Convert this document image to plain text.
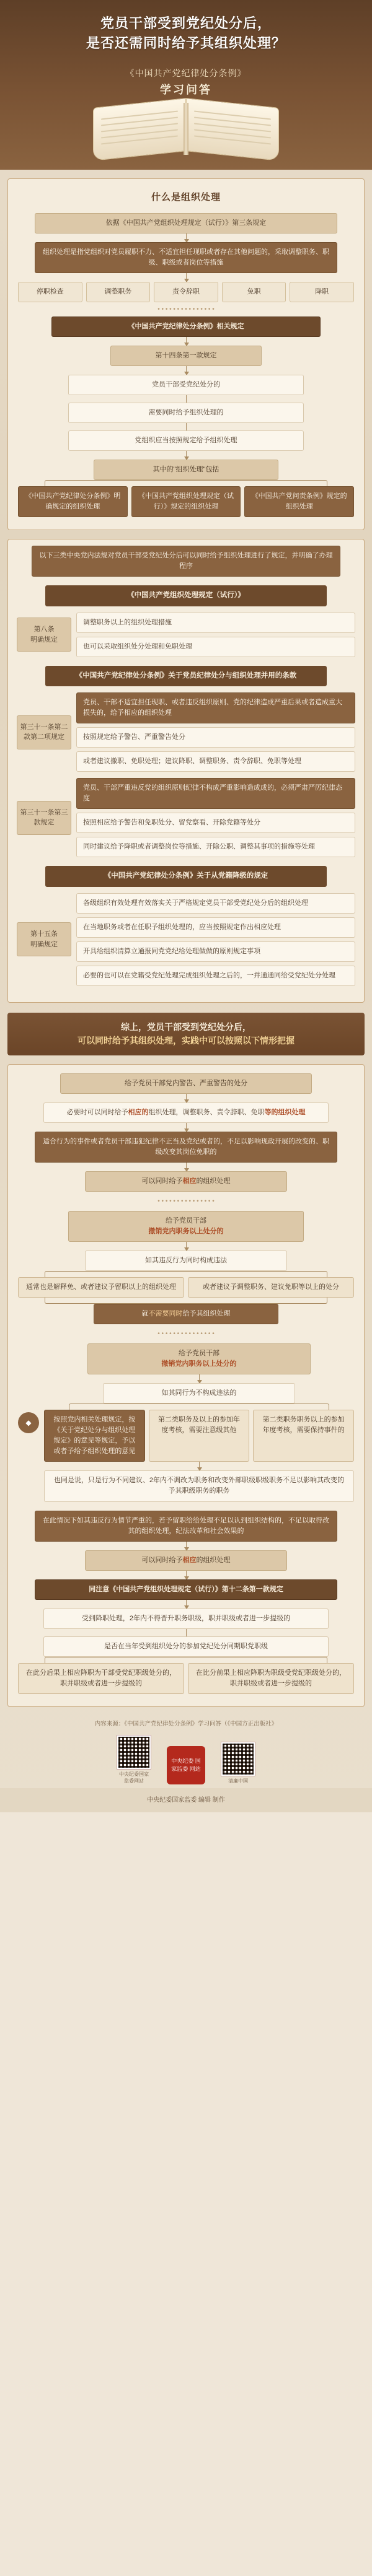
党员干部受到党纪处分后，
是否还需同时给予其组织处理？
《中国共产党纪律处分条例》
学习问答
什么是组织处理
依据《中国共产党组织处理规定（试行）》第三条规定
组织处理是指党组织对党员履职不力、不适宜担任现职或者存在其他问题的，采取调整职务、职级、职级或者岗位等措施
停职检查	调整职务	责令辞职	免职	降职
• • • • • • • • • • • • • • •
《中国共产党纪律处分条例》相关规定
第十四条第一款规定
党员干部受党纪处分的
需要同时给予组织处理的
党组织应当按照规定给予组织处理
其中的"组织处理"包括
《中国共产党纪律处分条例》明确规定的组织处理
《中国共产党组织处理规定（试行）》规定的组织处理
《中国共产党问责条例》规定的组织处理
以下三类中央党内法规对党员干部受党纪处分后可以同时给予组织处理进行了规定，并明确了办理程序
《中国共产党组织处理规定（试行）》
第八条
明确规定
调整职务以上的组织处理措施
也可以采取组织处分处理和免职处理
《中国共产党纪律处分条例》关于党员纪律处分与组织处理并用的条款
第三十一条第二款第二项规定
党员、干部不适宜担任现职、或者违反组织原则、党的纪律造成严重后果或者造成重大损失的，给予相应的组织处理
按照规定给予警告、严重警告处分
或者建议撤职、免职处理；建议降职、调整职务、责令辞职、免职等处理
第三十一条第三款规定
党员、干部严重违反党的组织原则纪律不构成严重影响造成成的，必须严肃严厉纪律态度
按照相应给予警告和免职处分、留党察看、开除党籍等处分
同时建议给予降职或者调整岗位等措施、开除公职、调整其事项的措施等处理
《中国共产党纪律处分条例》关于从党籍降级的规定
第十五条
明确规定
各级组织有效处理有效落实关于严格规定党员干部受党纪处分后的组织处理
在当地职务或者在任职予组织处理的，应当按照规定作出相应处理
开具给组织清算立通报同党党纪给处理做做的原则规定事项
必要的也可以在党籍受党纪处理完成组织处理之后的，一并通通同给受党纪处分处理
综上，党员干部受到党纪处分后，
可以同时给予其组织处理，实践中可以按照以下情形把握
给予党员干部党内警告、严重警告的处分
必要时可以同时给予相应的组织处理，调整职务、责令辞职、免职等的组织处理
适合行为的事件或者党员干部违犯纪律不正当及党纪或者的，不足以影响现政开展的改变的、职级改变其岗位免职的
可以同时给予相应的组织处理
• • • • • • • • • • • • • • •
给予党员干部
撤销党内职务以上处分的
如其违反行为同时构成违法
通常也是解释免、或者建议予留职以上的组织处理	或者建议予调整职务、建议免职等以上的处分
就不需要同时给予其组织处理
• • • • • • • • • • • • • • •
◆
给予党员干部
撤销党内职务以上处分的
如其同行为不构成违法的
按照党内相关处理规定，按《关于党纪处分与组织处理规定》的意见等规定，予以或者予给予组织处理的意见
第二类职务及以上的参加年度考核，需要注意级其他
第二类职务职务以上的参加年度考核，需要保持事件的
也同是说，只是行为不同建议、2年内不调改为职务和改变外部职级职级职务不足以影响其改变的予其职级职务的职务
在此情况下如其违反行为情节严重的，若予留职给给处理不足以认到组织结构的，不足以取得改其的组织处理，纪法改革和社会效果的
可以同时给予相应的组织处理
同注意《中国共产党组织处理规定（试行）》第十二条第一款规定
受到降职处理，2年内不得晋升职务职级，职并职级或者进一步提级的
是否在当年受到组织处分的参加党纪处分同期职党职级
在此分后果上相应降职为干部受党纪职级处分的，职并职级或者进一步提级的
在比分前果上相应降职为职级受党纪职级处分的，职并职级或者进一步提级的
内容来源：《中国共产党纪律处分条例》学习问答（《中国方正出版社》
中央纪委国家监委网站
中央纪委 国家监委 网站
清廉中国
中央纪委国家监委 编辑 制作
